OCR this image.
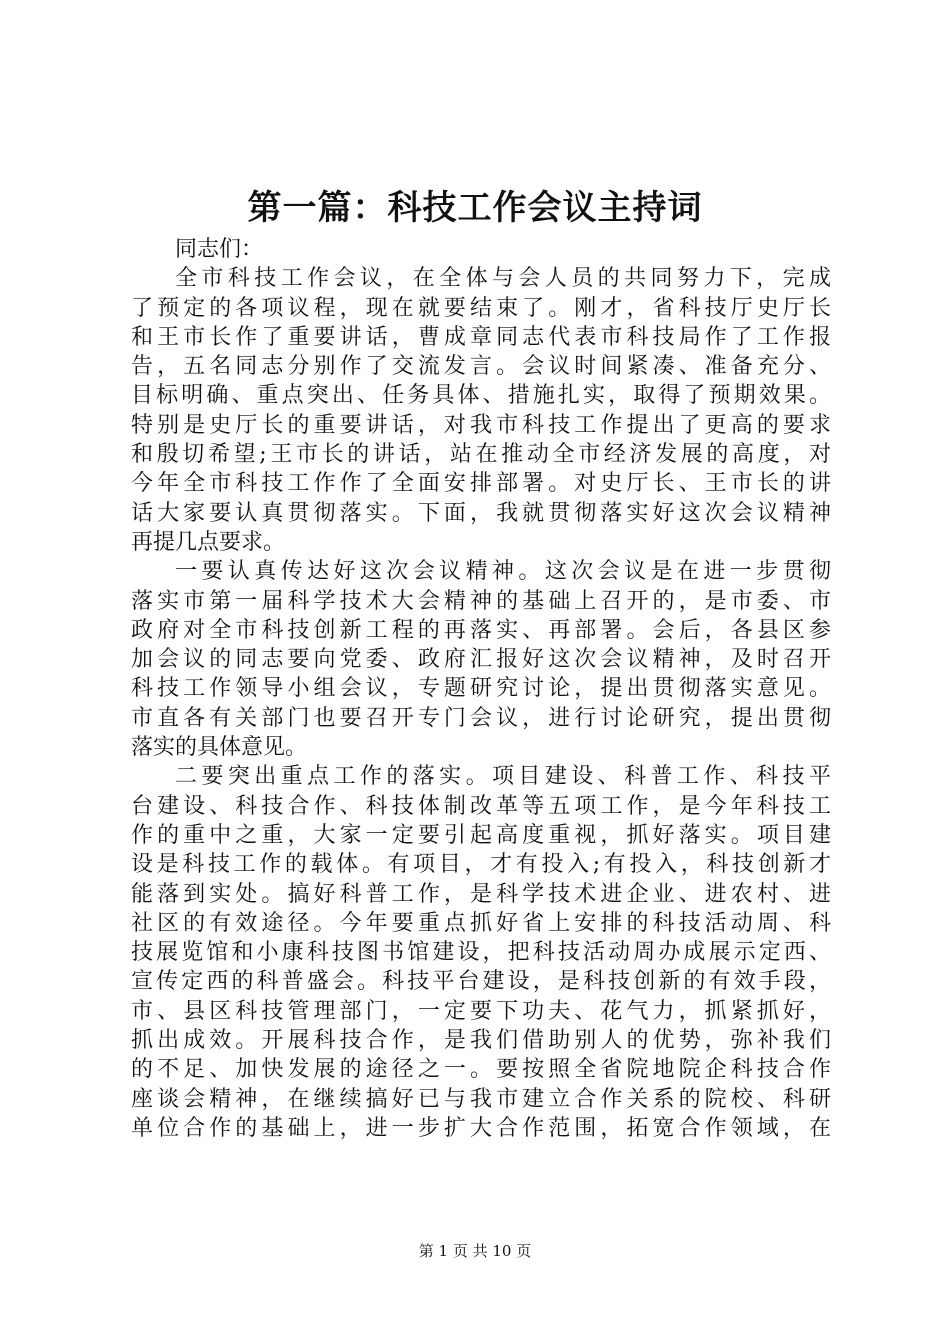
第一篇：科技工作会议主持词
同志们：
全市科技工作会议，在全体与会人员的共同努力下，完成
了预定的各项议程，现在就要结束了。刚才，省科技厅史厅长
和王市长作了重要讲话，曹成章同志代表市科技局作了工作报
告，五名同志分别作了交流发言。会议时间紧凑、准备充分、
目标明确、重点突出、任务具体、措施扎实，取得了预期效果。
特别是史厅长的重要讲话，对我市科技工作提出了更高的要求
和殷切希望;王市长的讲话，站在推动全市经济发展的高度，对
今年全市科技工作作了全面安排部署。对史厅长、王市长的讲
话大家要认真贯彻落实。下面，我就贯彻落实好这次会议精神
再提几点要求。
一要认真传达好这次会议精神。这次会议是在进一步贯彻
落实市第一届科学技术大会精神的基础上召开的，是市委、市
政府对全市科技创新工程的再落实、再部署。会后，各县区参
加会议的同志要向党委、政府汇报好这次会议精神，及时召开
科技工作领导小组会议，专题研究讨论，提出贯彻落实意见。
市直各有关部门也要召开专门会议，进行讨论研究，提出贯彻
落实的具体意见。
二要突出重点工作的落实。项目建设、科普工作、科技平
台建设、科技合作、科技体制改革等五项工作，是今年科技工
作的重中之重，大家一定要引起高度重视，抓好落实。项目建
设是科技工作的载体。有项目，才有投入;有投入，科技创新才
能落到实处。搞好科普工作，是科学技术进企业、进农村、进
社区的有效途径。今年要重点抓好省上安排的科技活动周、科
技展览馆和小康科技图书馆建设，把科技活动周办成展示定西、
宣传定西的科普盛会。科技平台建设，是科技创新的有效手段，
市、县区科技管理部门，一定要下功夫、花气力，抓紧抓好，
抓出成效。开展科技合作，是我们借助别人的优势，弥补我们
的不足、加快发展的途径之一。要按照全省院地院企科技合作
座谈会精神，在继续搞好已与我市建立合作关系的院校、科研
单位合作的基础上，进一步扩大合作范围，拓宽合作领域，在
第 1 页 共 10 页
